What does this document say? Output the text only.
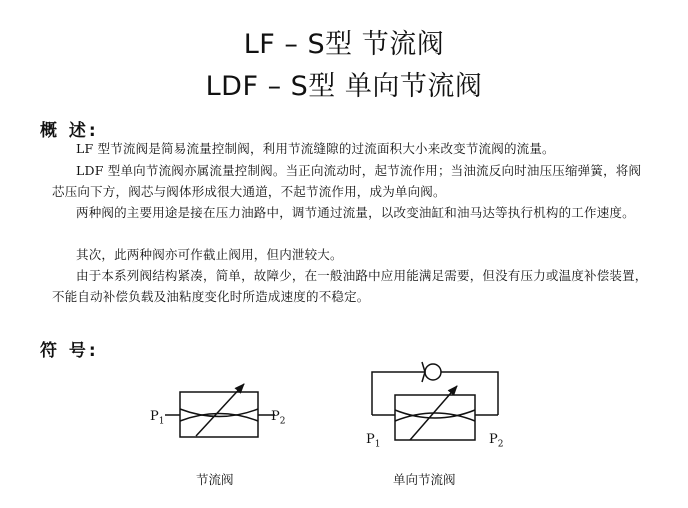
LF – S型 节流阀
LDF – S型 单向节流阀
概 述:

LF 型节流阀是简易流量控制阀，利用节流缝隙的过流面积大小来改变节流阀的流量。

LDF 型单向节流阀亦属流量控制阀。当正向流动时，起节流作用；当油流反向时油压压缩弹簧，将阀芯压向下方，阀芯与阀体形成很大通道，不起节流作用，成为单向阀。

两种阀的主要用途是接在压力油路中，调节通过流量，以改变油缸和油马达等执行机构的工作速度。

其次，此两种阀亦可作截止阀用，但内泄较大。

由于本系列阀结构紧凑，简单，故障少，在一般油路中应用能满足需要，但没有压力或温度补偿装置，不能自动补偿负载及油粘度变化时所造成速度的不稳定。

符 号:
$P_1$	$P_2$
$P_1$	$P_2$
节流阀	单向节流阀
